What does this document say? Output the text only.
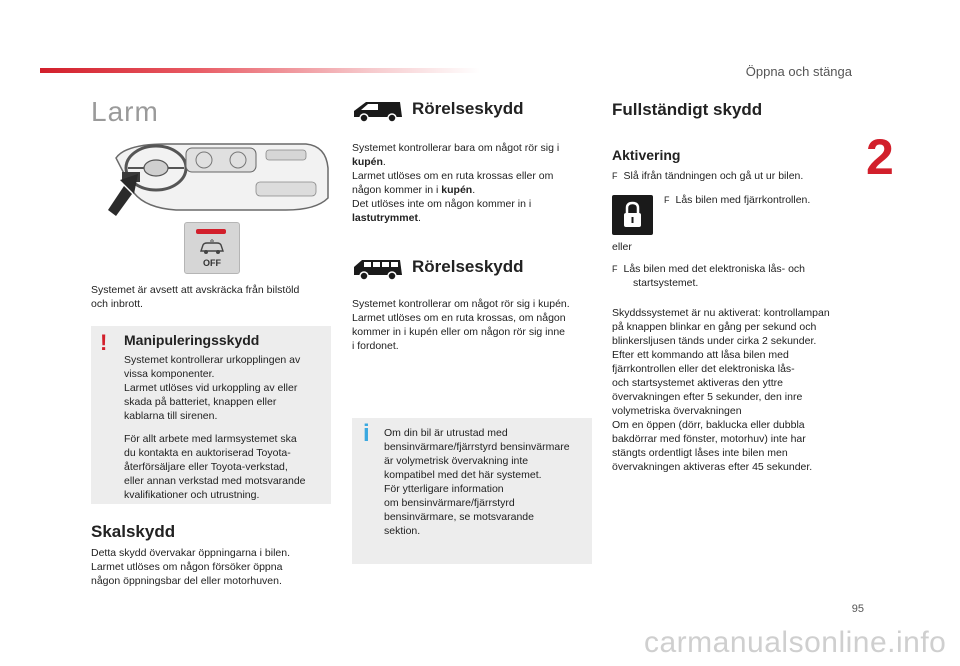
Öppna och stänga
2
95
Larm
OFF
Systemet är avsett att avskräcka från bilstöld
och inbrott.
! Manipuleringsskydd
Systemet kontrollerar urkopplingen av
vissa komponenter.
Larmet utlöses vid urkoppling av eller
skada på batteriet, knappen eller
kablarna till sirenen.
För allt arbete med larmsystemet ska
du kontakta en auktoriserad Toyota-
återförsäljare eller Toyota-verkstad,
eller annan verkstad med motsvarande
kvalifikationer och utrustning.
Skalskydd
Detta skydd övervakar öppningarna i bilen.
Larmet utlöses om någon försöker öppna
någon öppningsbar del eller motorhuven.
Rörelseskydd
Systemet kontrollerar bara om något rör sig i
kupén.
Larmet utlöses om en ruta krossas eller om
någon kommer in i kupén.
Det utlöses inte om någon kommer in i
lastutrymmet.
Rörelseskydd
Systemet kontrollerar om något rör sig i kupén.
Larmet utlöses om en ruta krossas, om någon
kommer in i kupén eller om någon rör sig inne
i fordonet.
i Om din bil är utrustad med
bensinvärmare/fjärrstyrd bensinvärmare
är volymetrisk övervakning inte
kompatibel med det här systemet.
För ytterligare information
om bensinvärmare/fjärrstyrd
bensinvärmare, se motsvarande
sektion.
Fullständigt skydd
Aktivering
F Slå ifrån tändningen och gå ut ur bilen.
F Lås bilen med fjärrkontrollen.
eller
F Lås bilen med det elektroniska lås- och
startsystemet.
Skyddssystemet är nu aktiverat: kontrollampan
på knappen blinkar en gång per sekund och
blinkersljusen tänds under cirka 2 sekunder.
Efter ett kommando att låsa bilen med
fjärrkontrollen eller det elektroniska lås-
och startsystemet aktiveras den yttre
övervakningen efter 5 sekunder, den inre
volymetriska övervakningen
Om en öppen (dörr, baklucka eller dubbla
bakdörrar med fönster, motorhuv) inte har
stängts ordentligt låses inte bilen men
övervakningen aktiveras efter 45 sekunder.
carmanualsonline.info
